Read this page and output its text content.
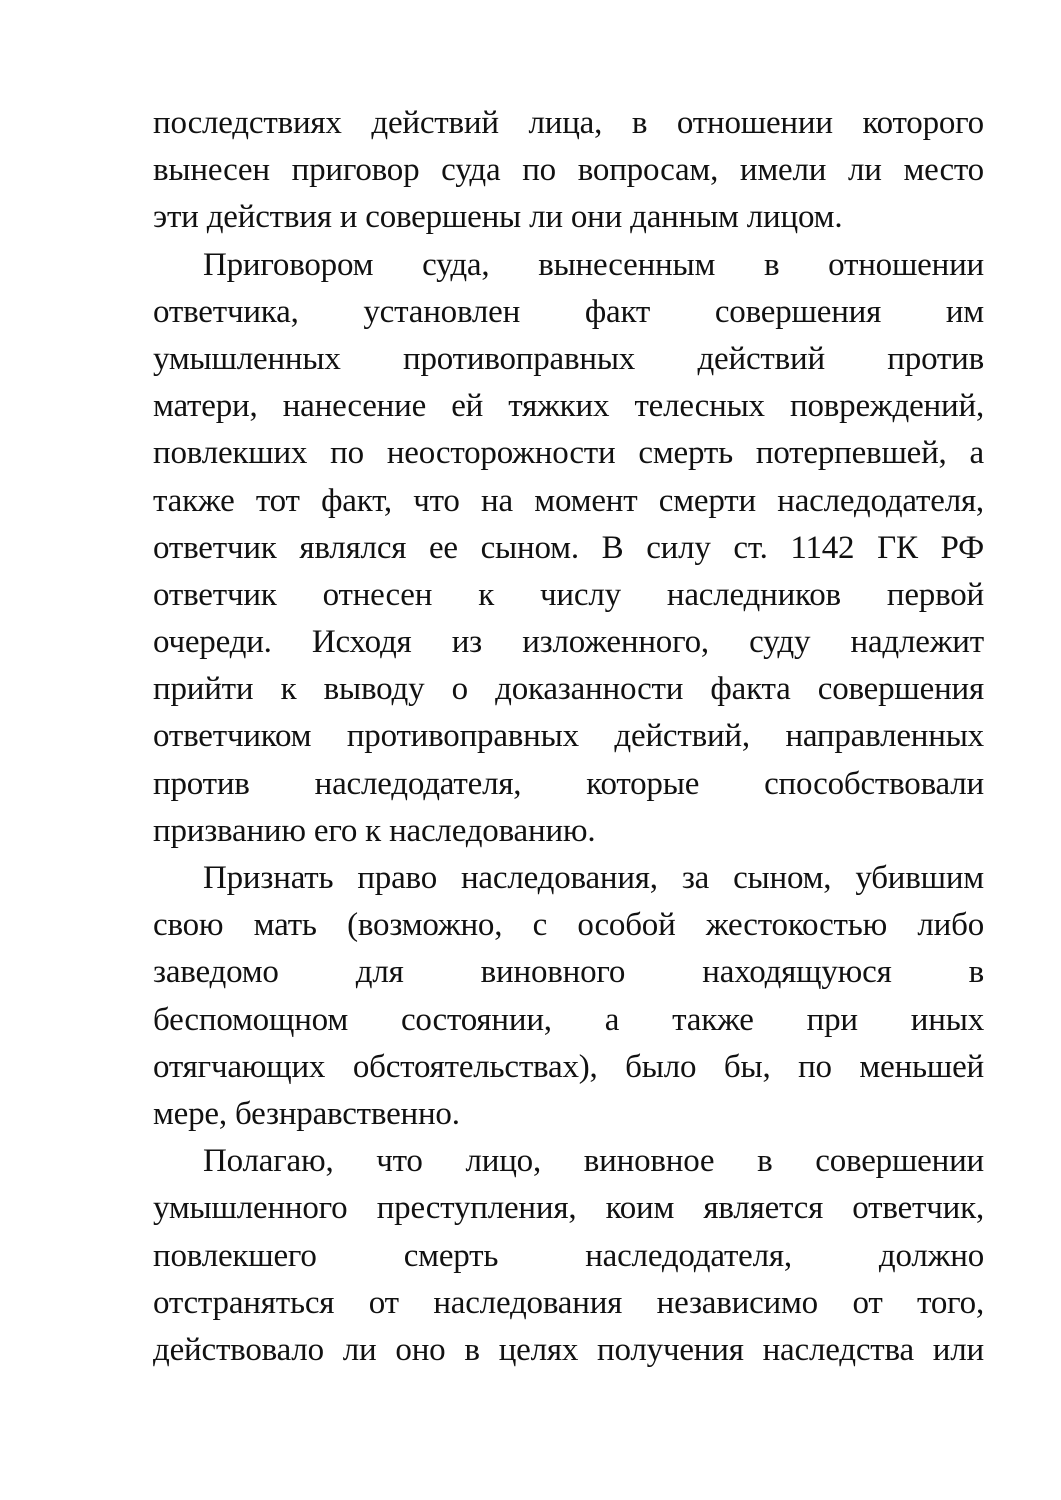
последствиях действий лица, в отношении которого
вынесен приговор суда по вопросам, имели ли место
эти действия и совершены ли они данным лицом.
Приговором суда, вынесенным в отношении
ответчика, установлен факт совершения им
умышленных противоправных действий против
матери, нанесение ей тяжких телесных повреждений,
повлекших по неосторожности смерть потерпевшей, а
также тот факт, что на момент смерти наследодателя,
ответчик являлся ее сыном. В силу ст. 1142 ГК РФ
ответчик отнесен к числу наследников первой
очереди. Исходя из изложенного, суду надлежит
прийти к выводу о доказанности факта совершения
ответчиком противоправных действий, направленных
против наследодателя, которые способствовали
призванию его к наследованию.
Признать право наследования, за сыном, убившим
свою мать (возможно, с особой жестокостью либо
заведомо для виновного находящуюся в
беспомощном состоянии, а также при иных
отягчающих обстоятельствах), было бы, по меньшей
мере, безнравственно.
Полагаю, что лицо, виновное в совершении
умышленного преступления, коим является ответчик,
повлекшего смерть наследодателя, должно
отстраняться от наследования независимо от того,
действовало ли оно в целях получения наследства или
